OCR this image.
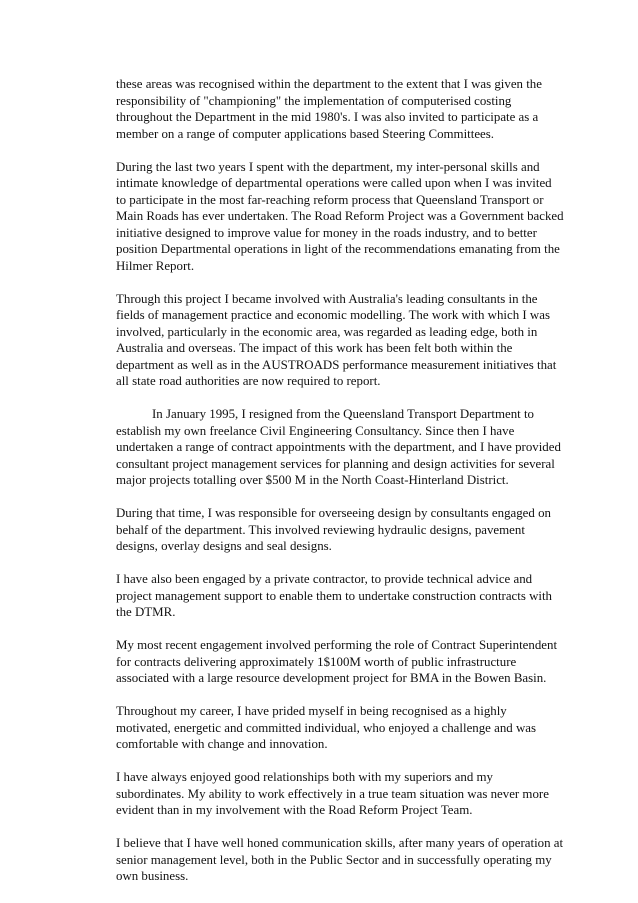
these areas was recognised within the department to the extent that I was given the responsibility of "championing" the implementation of computerised costing throughout the Department in the mid 1980's. I was also invited to participate as a member on a range of computer applications based Steering Committees.

During the last two years I spent with the department, my inter-personal skills and intimate knowledge of departmental operations were called upon when I was invited to participate in the most far-reaching reform process that Queensland Transport or Main Roads has ever undertaken. The Road Reform Project was a Government backed initiative designed to improve value for money in the roads industry, and to better position Departmental operations in light of the recommendations emanating from the Hilmer Report.

Through this project I became involved with Australia's leading consultants in the fields of management practice and economic modelling. The work with which I was involved, particularly in the economic area, was regarded as leading edge, both in Australia and overseas. The impact of this work has been felt both within the department as well as in the AUSTROADS performance measurement initiatives that all state road authorities are now required to report.

In January 1995, I resigned from the Queensland Transport Department to establish my own freelance Civil Engineering Consultancy. Since then I have undertaken a range of contract appointments with the department, and I have provided consultant project management services for planning and design activities for several major projects totalling over $500 M in the North Coast-Hinterland District.

During that time, I was responsible for overseeing design by consultants engaged on behalf of the department. This involved reviewing hydraulic designs, pavement designs, overlay designs and seal designs.

I have also been engaged by a private contractor, to provide technical advice and project management support to enable them to undertake construction contracts with the DTMR.

My most recent engagement involved performing the role of Contract Superintendent for contracts delivering approximately 1$100M worth of public infrastructure associated with a large resource development project for BMA in the Bowen Basin.

Throughout my career, I have prided myself in being recognised as a highly motivated, energetic and committed individual, who enjoyed a challenge and was comfortable with change and innovation.

I have always enjoyed good relationships both with my superiors and my subordinates. My ability to work effectively in a true team situation was never more evident than in my involvement with the Road Reform Project Team.

I believe that I have well honed communication skills, after many years of operation at senior management level, both in the Public Sector and in successfully operating my own business.
